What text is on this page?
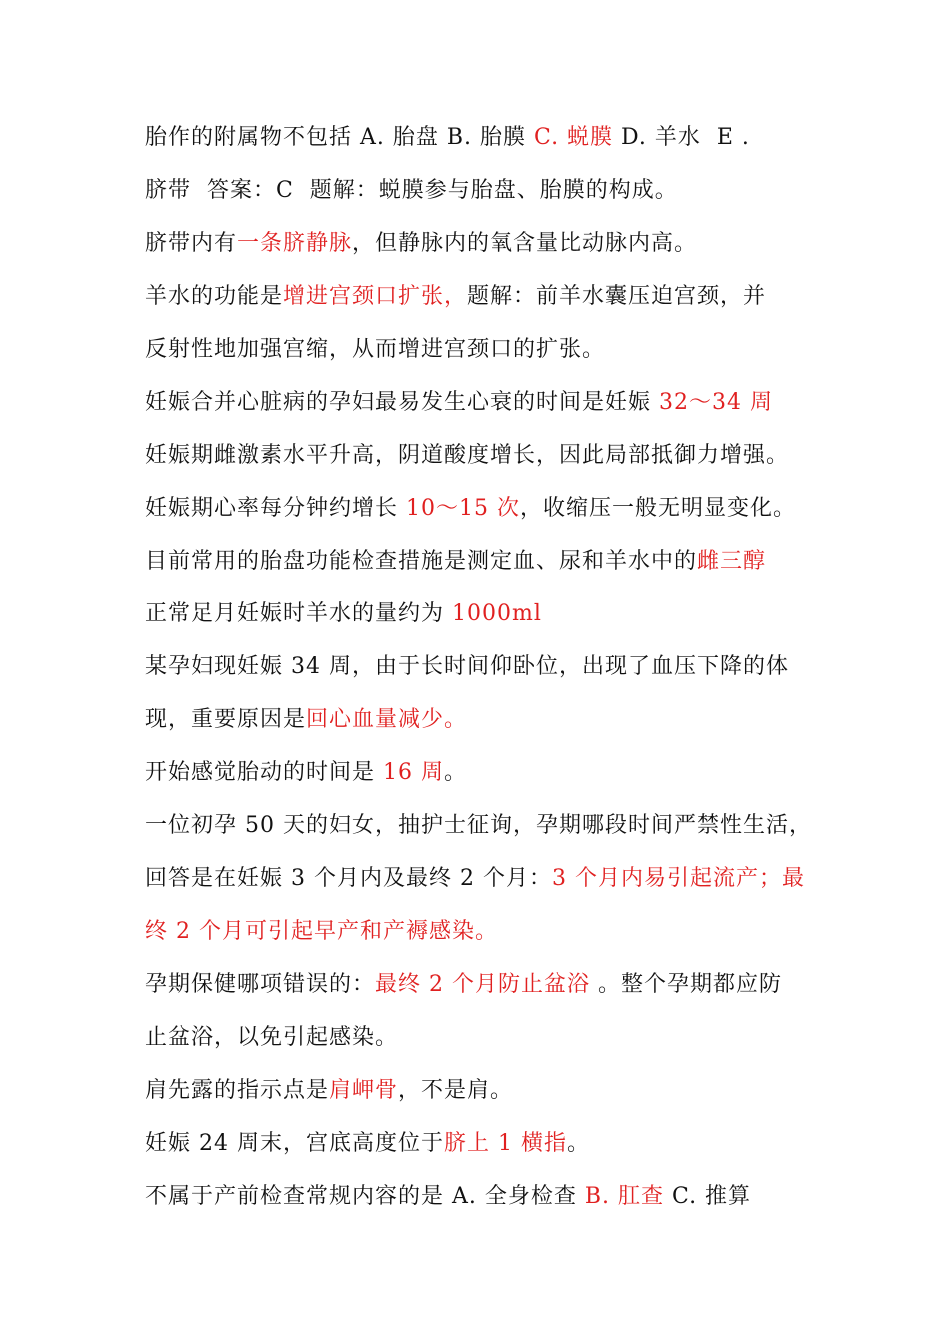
胎作的附属物不包括 A. 胎盘 B. 胎膜 C. 蜕膜 D. 羊水  E .
脐带  答案：C  题解：蜕膜参与胎盘、胎膜的构成。
脐带内有一条脐静脉，但静脉内的氧含量比动脉内高。
羊水的功能是增进宫颈口扩张，题解：前羊水囊压迫宫颈，并
反射性地加强宫缩，从而增进宫颈口的扩张。
妊娠合并心脏病的孕妇最易发生心衰的时间是妊娠 32～34 周
妊娠期雌激素水平升高，阴道酸度增长，因此局部抵御力增强。
妊娠期心率每分钟约增长 10～15 次，收缩压一般无明显变化。
目前常用的胎盘功能检查措施是测定血、尿和羊水中的雌三醇
正常足月妊娠时羊水的量约为 1000ml
某孕妇现妊娠 34 周，由于长时间仰卧位，出现了血压下降的体
现，重要原因是回心血量减少。
开始感觉胎动的时间是 16 周。
一位初孕 50 天的妇女，抽护士征询，孕期哪段时间严禁性生活，
回答是在妊娠 3 个月内及最终 2 个月：3 个月内易引起流产；最
终 2 个月可引起早产和产褥感染。
孕期保健哪项错误的：最终 2 个月防止盆浴 。整个孕期都应防
止盆浴，以免引起感染。
肩先露的指示点是肩岬骨，不是肩。
妊娠 24 周末，宫底高度位于脐上 1 横指。
不属于产前检查常规内容的是 A. 全身检查 B. 肛查 C. 推算
